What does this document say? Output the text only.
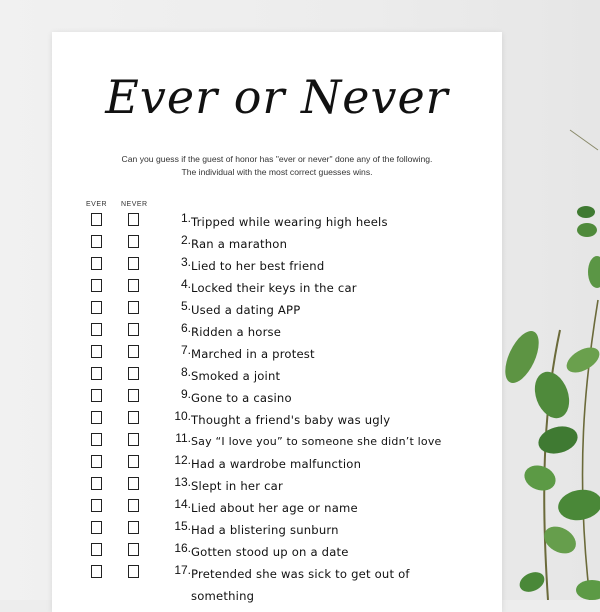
Ever or Never
Can you guess if the guest of honor has "ever or never" done any of the following.
The individual with the most correct guesses wins.
EVER NEVER
1. Tripped while wearing high heels
2. Ran a marathon
3. Lied to her best friend
4. Locked their keys in the car
5. Used a dating APP
6. Ridden a horse
7. Marched in a protest
8. Smoked a joint
9. Gone to a casino
10. Thought a friend's baby was ugly
11. Say “I love you” to someone she didn’t love
12. Had a wardrobe malfunction
13. Slept in her car
14. Lied about her age or name
15. Had a blistering sunburn
16. Gotten stood up on a date
17. Pretended she was sick to get out of something
